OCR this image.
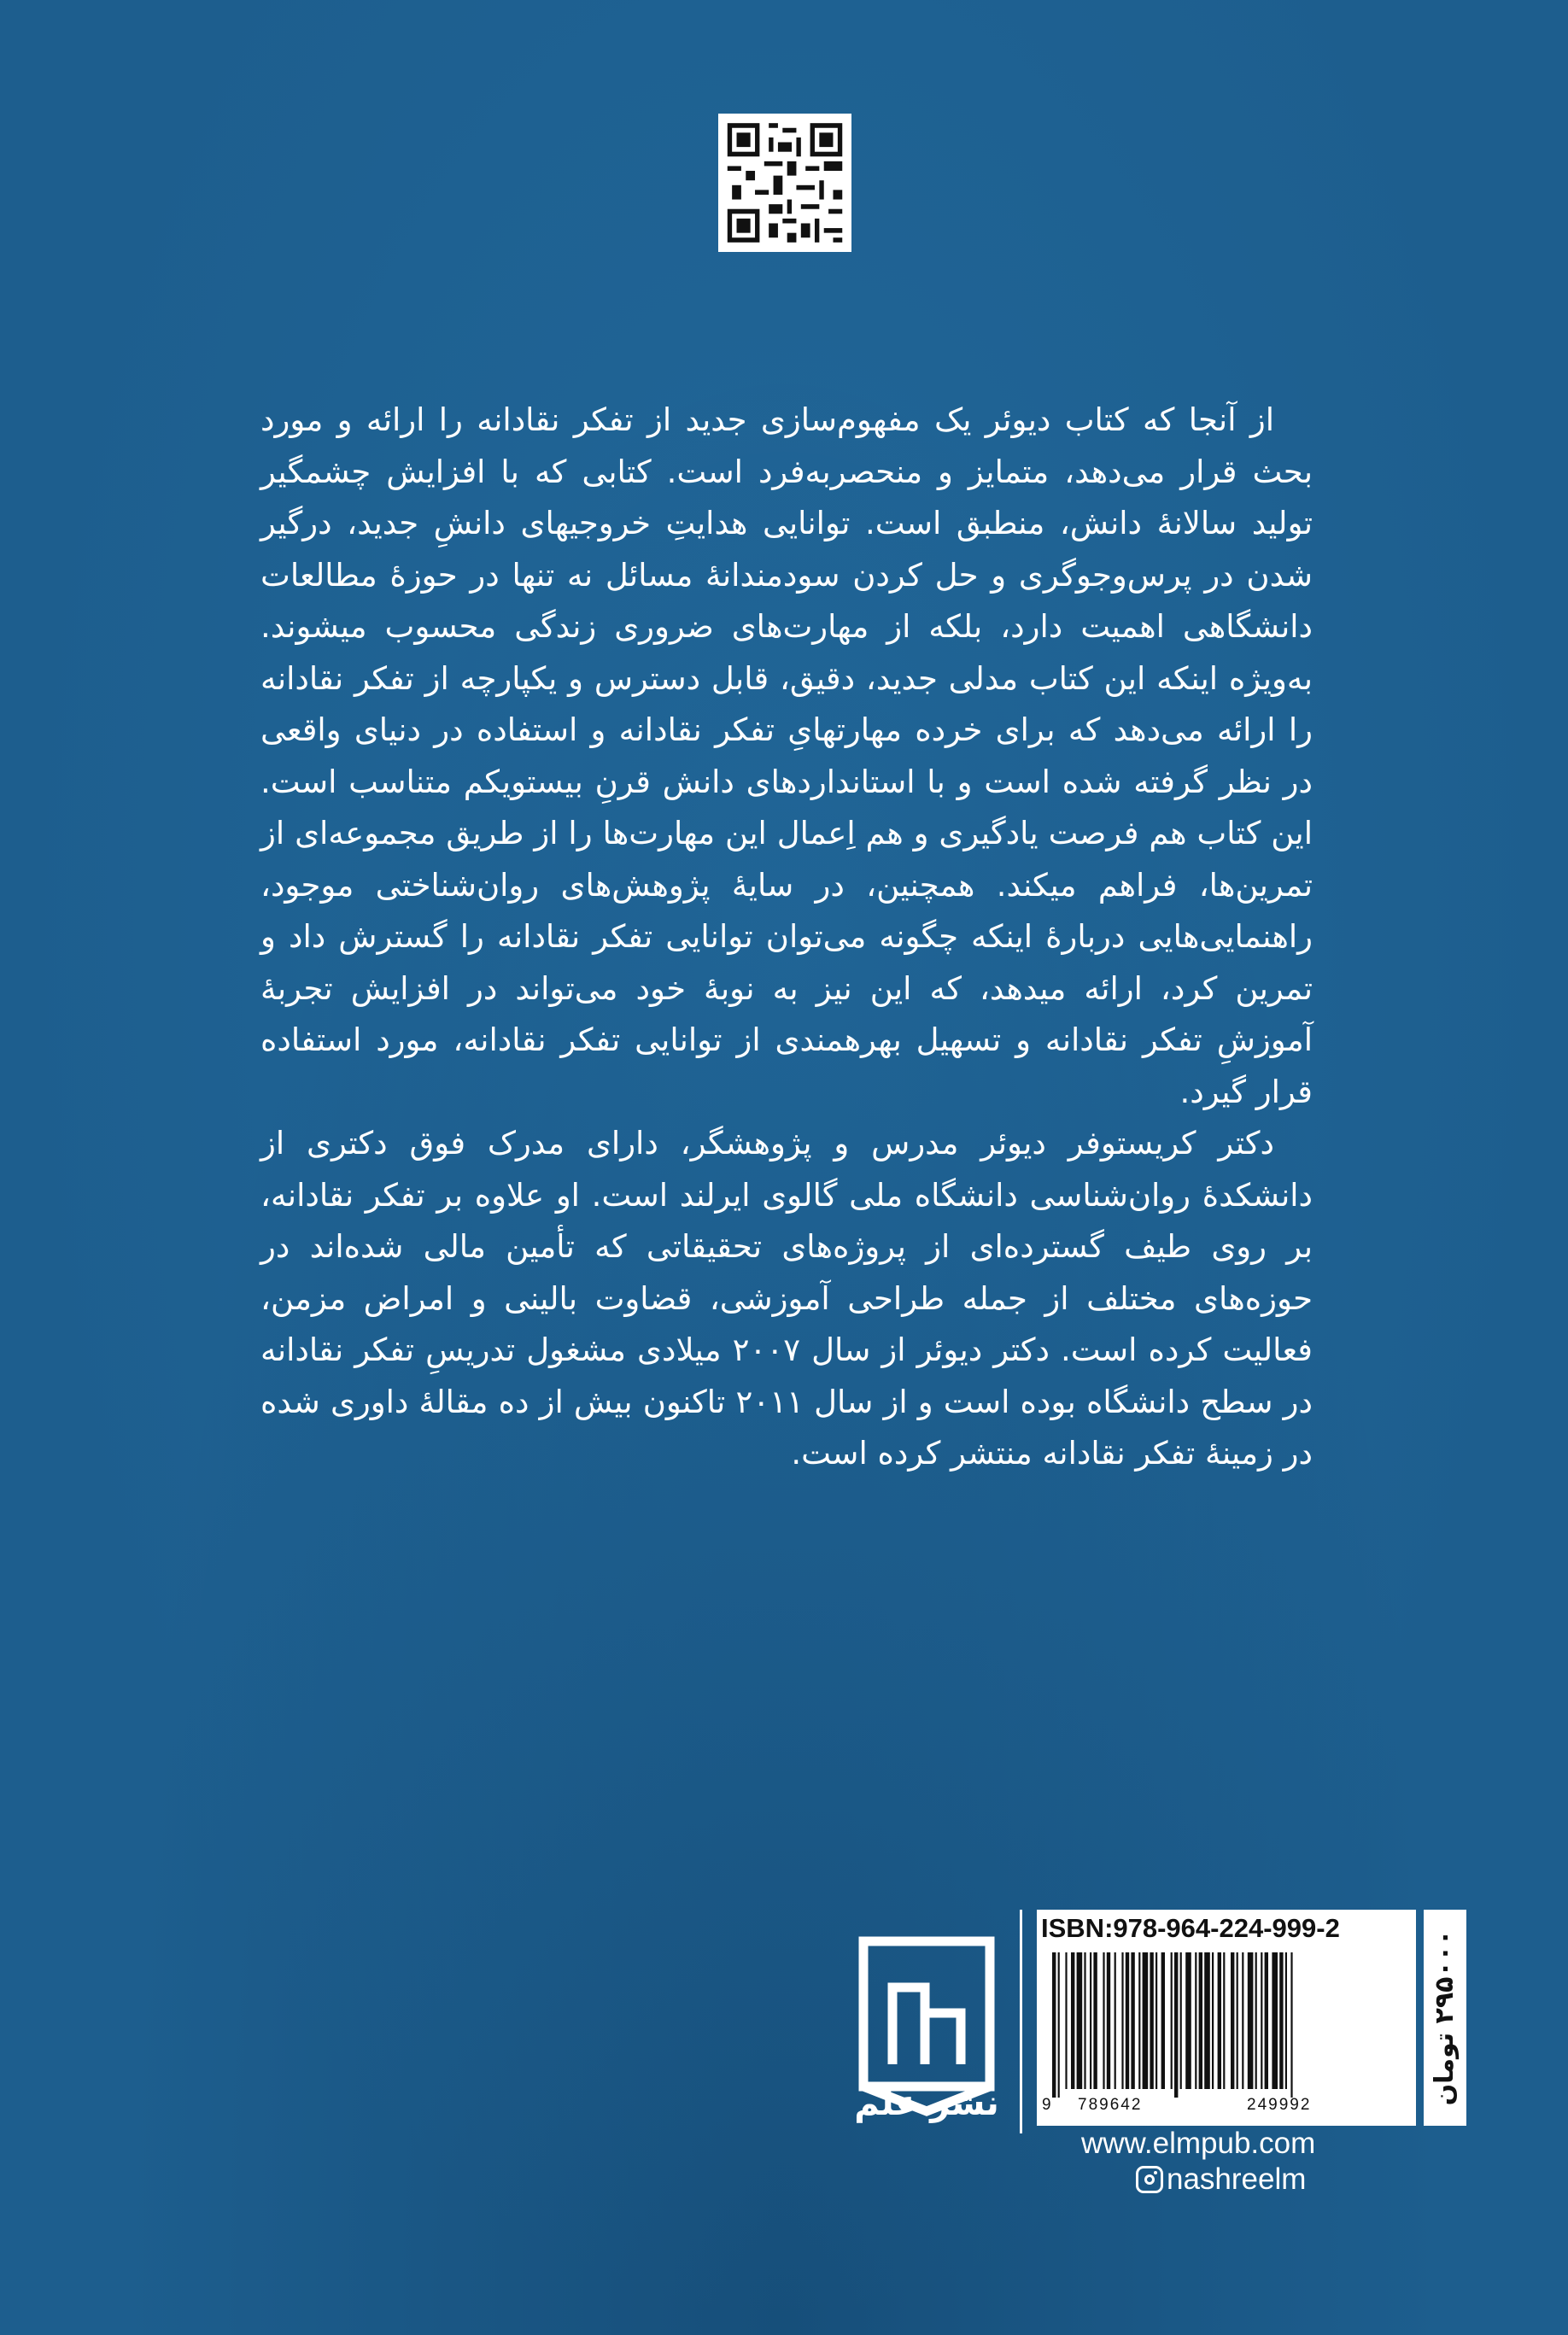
از آنجا که کتاب دیوئر یک مفهوم‌سازی جدید از تفکر نقادانه را ارائه و مورد بحث قرار می‌دهد، متمایز و منحصربه‌فرد است. کتابی که با افزایش چشمگیر تولید سالانهٔ دانش، منطبق است. توانایی هدایتِ خروجیهای دانشِ جدید، درگیر شدن در پرس‌وجوگری و حل کردن سودمندانهٔ مسائل نه تنها در حوزهٔ مطالعات دانشگاهی اهمیت دارد، بلکه از مهارت‌های ضروری زندگی محسوب میشوند. به‌ویژه اینکه این کتاب مدلی جدید، دقیق، قابل دسترس و یکپارچه از تفکر نقادانه را ارائه می‌دهد که برای خرده مهارتهایِ تفکر نقادانه و استفاده در دنیای واقعی در نظر گرفته شده است و با استانداردهای دانش قرنِ بیستویکم متناسب است. این کتاب هم فرصت یادگیری و هم اِعمال این مهارت‌ها را از طریق مجموعه‌ای از تمرین‌ها، فراهم میکند. همچنین، در سایهٔ پژوهش‌های روان‌شناختی موجود، راهنمایی‌هایی دربارهٔ اینکه چگونه می‌توان توانایی تفکر نقادانه را گسترش داد و تمرین کرد، ارائه میدهد، که این نیز به نوبهٔ خود می‌تواند در افزایش تجربهٔ آموزشِ تفکر نقادانه و تسهیل بهرهمندی از توانایی تفکر نقادانه، مورد استفاده قرار گیرد.

دکتر کریستوفر دیوئر مدرس و پژوهشگر، دارای مدرک فوق دکتری از دانشکدهٔ روان‌شناسی دانشگاه ملی گالوی ایرلند است. او علاوه بر تفکر نقادانه، بر روی طیف گسترده‌ای از پروژه‌های تحقیقاتی که تأمین مالی شده‌اند در حوزه‌های مختلف از جمله طراحی آموزشی، قضاوت بالینی و امراض مزمن، فعالیت کرده است. دکتر دیوئر از سال ۲۰۰۷ میلادی مشغول تدریسِ تفکر نقادانه در سطح دانشگاه بوده است و از سال ۲۰۱۱ تاکنون بیش از ده مقالهٔ داوری شده در زمینهٔ تفکر نقادانه منتشر کرده است.

نشر علم
ISBN:978-964-224-999-2
9 789642	249992	۲۹۵۰۰۰ تومان
www.elmpub.com
nashreelm
